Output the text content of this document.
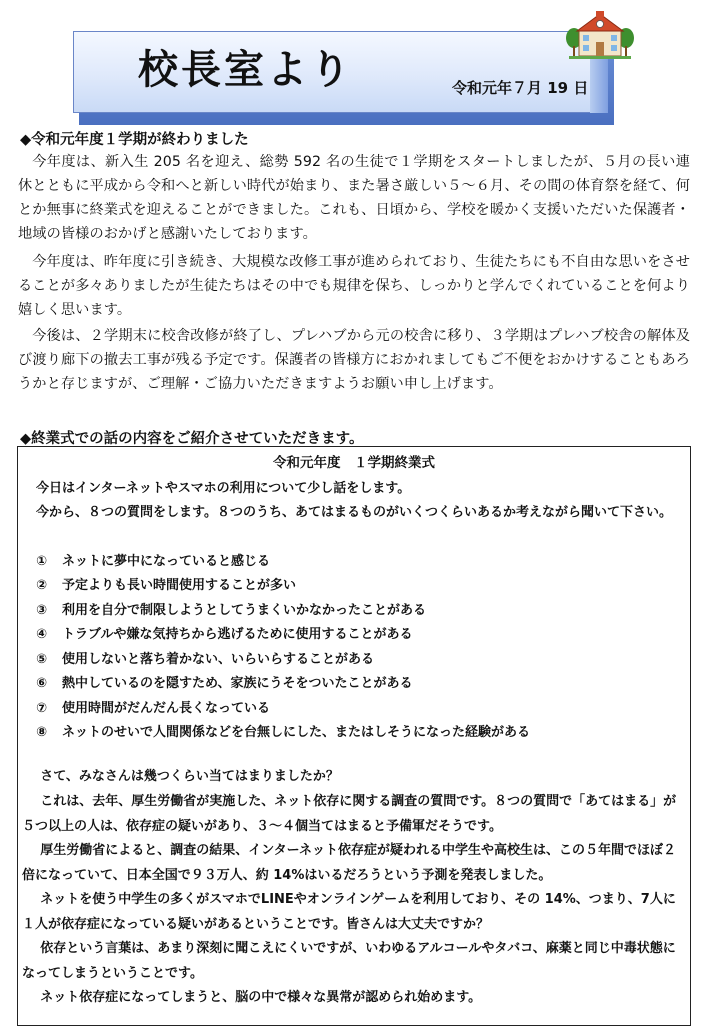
校長室より	令和元年７月 19 日
◆令和元年度１学期が終わりました
今年度は、新入生 205 名を迎え、総勢 592 名の生徒で１学期をスタートしましたが、５月の長い連休とともに平成から令和へと新しい時代が始まり、また暑さ厳しい５～６月、その間の体育祭を経て、何とか無事に終業式を迎えることができました。これも、日頃から、学校を暖かく支援いただいた保護者・地域の皆様のおかげと感謝いたしております。
今年度は、昨年度に引き続き、大規模な改修工事が進められており、生徒たちにも不自由な思いをさせることが多々ありましたが生徒たちはその中でも規律を保ち、しっかりと学んでくれていることを何より嬉しく思います。
今後は、２学期末に校舎改修が終了し、プレハブから元の校舎に移り、３学期はプレハブ校舎の解体及び渡り廊下の撤去工事が残る予定です。保護者の皆様方におかれましてもご不便をおかけすることもあろうかと存じますが、ご理解・ご協力いただきますようお願い申し上げます。
◆終業式での話の内容をご紹介させていただきます。
令和元年度　１学期終業式
今日はインターネットやスマホの利用について少し話をします。
今から、８つの質問をします。８つのうち、あてはまるものがいくつくらいあるか考えながら聞いて下さい。
① ネットに夢中になっていると感じる
② 予定よりも長い時間使用することが多い
③ 利用を自分で制限しようとしてうまくいかなかったことがある
④ トラブルや嫌な気持ちから逃げるために使用することがある
⑤ 使用しないと落ち着かない、いらいらすることがある
⑥ 熱中しているのを隠すため、家族にうそをついたことがある
⑦ 使用時間がだんだん長くなっている
⑧ ネットのせいで人間関係などを台無しにした、またはしそうになった経験がある
さて、みなさんは幾つくらい当てはまりましたか？
これは、去年、厚生労働省が実施した、ネット依存に関する調査の質問です。８つの質問で「あてはまる」が５つ以上の人は、依存症の疑いがあり、３～４個当てはまると予備軍だそうです。
厚生労働省によると、調査の結果、インターネット依存症が疑われる中学生や高校生は、この５年間でほぼ２倍になっていて、日本全国で９３万人、約 14%はいるだろうという予測を発表しました。
ネットを使う中学生の多くがスマホでLINEやオンラインゲームを利用しており、その 14%、つまり、7人に１人が依存症になっている疑いがあるということです。皆さんは大丈夫ですか？
依存という言葉は、あまり深刻に聞こえにくいですが、いわゆるアルコールやタバコ、麻薬と同じ中毒状態になってしまうということです。
ネット依存症になってしまうと、脳の中で様々な異常が認められ始めます。
